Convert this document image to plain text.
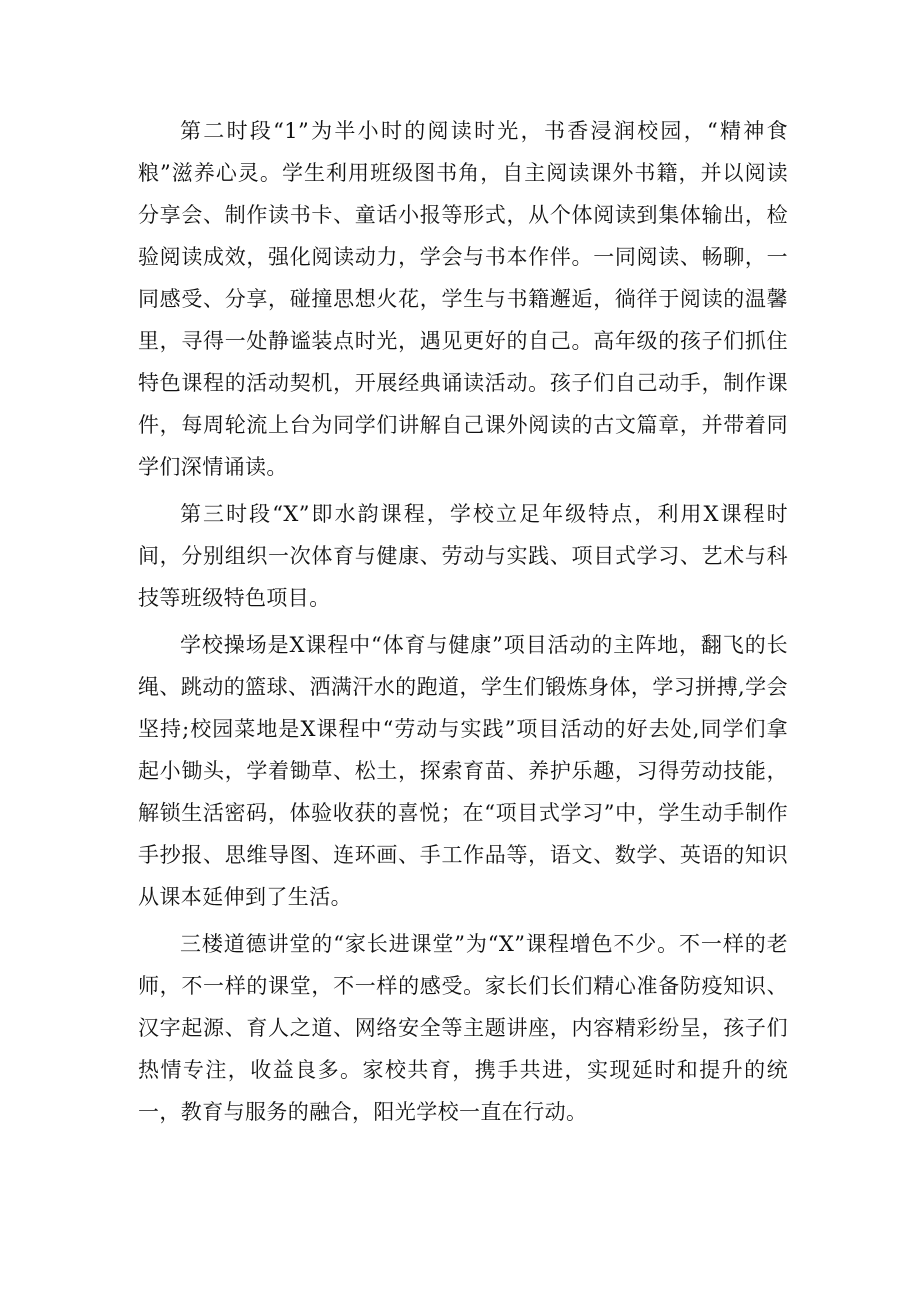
第二时段“1”为半小时的阅读时光，书香浸润校园，“精神食粮”滋养心灵。学生利用班级图书角，自主阅读课外书籍，并以阅读分享会、制作读书卡、童话小报等形式，从个体阅读到集体输出，检验阅读成效，强化阅读动力，学会与书本作伴。一同阅读、畅聊，一同感受、分享，碰撞思想火花，学生与书籍邂逅，徜徉于阅读的温馨里，寻得一处静谧装点时光，遇见更好的自己。高年级的孩子们抓住特色课程的活动契机，开展经典诵读活动。孩子们自己动手，制作课件，每周轮流上台为同学们讲解自己课外阅读的古文篇章，并带着同学们深情诵读。

第三时段“X”即水韵课程，学校立足年级特点，利用X课程时间，分别组织一次体育与健康、劳动与实践、项目式学习、艺术与科技等班级特色项目。

学校操场是X课程中“体育与健康”项目活动的主阵地，翻飞的长绳、跳动的篮球、洒满汗水的跑道，学生们锻炼身体，学习拼搏,学会坚持;校园菜地是X课程中“劳动与实践”项目活动的好去处,同学们拿起小锄头，学着锄草、松土，探索育苗、养护乐趣，习得劳动技能，解锁生活密码，体验收获的喜悦；在“项目式学习”中，学生动手制作手抄报、思维导图、连环画、手工作品等，语文、数学、英语的知识从课本延伸到了生活。

三楼道德讲堂的“家长进课堂”为“X”课程增色不少。不一样的老师，不一样的课堂，不一样的感受。家长们长们精心准备防疫知识、汉字起源、育人之道、网络安全等主题讲座，内容精彩纷呈，孩子们热情专注，收益良多。家校共育，携手共进，实现延时和提升的统一，教育与服务的融合，阳光学校一直在行动。
